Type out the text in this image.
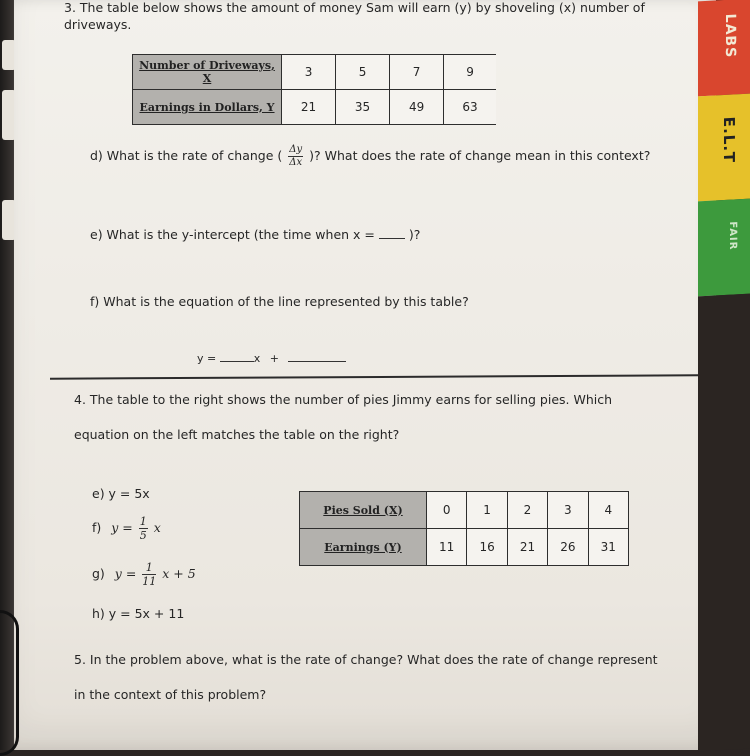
3. The table below shows the amount of money Sam will earn (y) by shoveling (x) number of
driveways.
Number of Driveways, X	3	5	7	9
Earnings in Dollars, Y	21	35	49	63
d) What is the rate of change ( $\frac{\Delta y}{\Delta x}$ )? What does the rate of change mean in this context?
e) What is the y-intercept (the time when x =	)?
f) What is the equation of the line represented by this table?
y =	x +
4. The table to the right shows the number of pies Jimmy earns for selling pies. Which
equation on the left matches the table on the right?
e) y = 5x
f) $y = \frac{1}{5}$ x
g) $y = \frac{1}{11}$ x + 5
h) y = 5x + 11
Pies Sold (X)	0	1	2	3	4
Earnings (Y)	11	16	21	26	31
5. In the problem above, what is the rate of change? What does the rate of change represent
in the context of this problem?
LABS
E.L.T
FAIR
